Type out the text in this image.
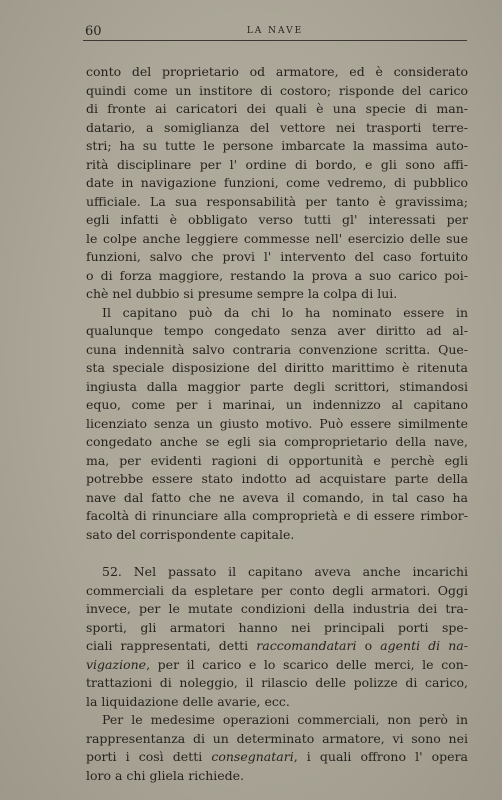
60	LA NAVE

conto del proprietario od armatore, ed è considerato
quindi come un institore di costoro; risponde del carico
di fronte ai caricatori dei quali è una specie di man-
datario, a somiglianza del vettore nei trasporti terre-
stri; ha su tutte le persone imbarcate la massima auto-
rità disciplinare per l' ordine di bordo, e gli sono affi-
date in navigazione funzioni, come vedremo, di pubblico
ufficiale. La sua responsabilità per tanto è gravissima;
egli infatti è obbligato verso tutti gl' interessati per
le colpe anche leggiere commesse nell' esercizio delle sue
funzioni, salvo che provi l' intervento del caso fortuito
o di forza maggiore, restando la prova a suo carico poi-
chè nel dubbio si presume sempre la colpa di lui.

Il capitano può da chi lo ha nominato essere in
qualunque tempo congedato senza aver diritto ad al-
cuna indennità salvo contraria convenzione scritta. Que-
sta speciale disposizione del diritto marittimo è ritenuta
ingiusta dalla maggior parte degli scrittori, stimandosi
equo, come per i marinai, un indennizzo al capitano
licenziato senza un giusto motivo. Può essere similmente
congedato anche se egli sia comproprietario della nave,
ma, per evidenti ragioni di opportunità e perchè egli
potrebbe essere stato indotto ad acquistare parte della
nave dal fatto che ne aveva il comando, in tal caso ha
facoltà di rinunciare alla comproprietà e di essere rimbor-
sato del corrispondente capitale.

52. Nel passato il capitano aveva anche incarichi
commerciali da espletare per conto degli armatori. Oggi
invece, per le mutate condizioni della industria dei tra-
sporti, gli armatori hanno nei principali porti spe-
ciali rappresentati, detti raccomandatari o agenti di na-
vigazione, per il carico e lo scarico delle merci, le con-
trattazioni di noleggio, il rilascio delle polizze di carico,
la liquidazione delle avarie, ecc.

Per le medesime operazioni commerciali, non però in
rappresentanza di un determinato armatore, vi sono nei
porti i così detti consegnatari, i quali offrono l' opera
loro a chi gliela richiede.
